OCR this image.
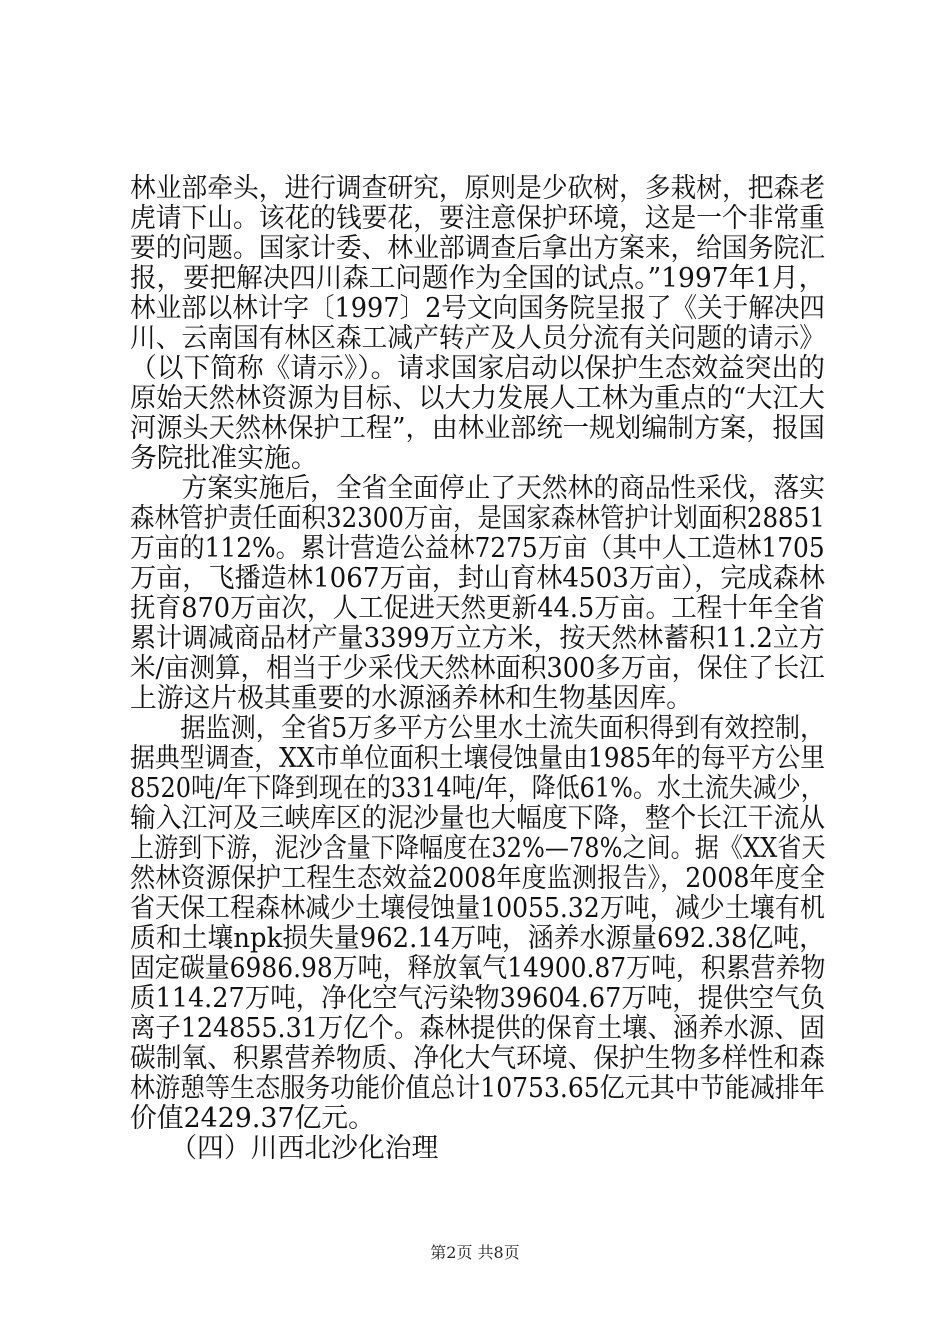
林业部牵头，进行调查研究，原则是少砍树，多栽树，把森老
虎请下山。该花的钱要花，要注意保护环境，这是一个非常重
要的问题。国家计委、林业部调查后拿出方案来，给国务院汇
报，要把解决四川森工问题作为全国的试点。”1997年1月，
林业部以林计字〔1997〕2号文向国务院呈报了《关于解决四
川、云南国有林区森工减产转产及人员分流有关问题的请示》
（以下简称《请示》）。请求国家启动以保护生态效益突出的
原始天然林资源为目标、以大力发展人工林为重点的“大江大
河源头天然林保护工程”，由林业部统一规划编制方案，报国
务院批准实施。
　　方案实施后，全省全面停止了天然林的商品性采伐，落实
森林管护责任面积32300万亩，是国家森林管护计划面积28851
万亩的112%。累计营造公益林7275万亩（其中人工造林1705
万亩，飞播造林1067万亩，封山育林4503万亩），完成森林
抚育870万亩次，人工促进天然更新44.5万亩。工程十年全省
累计调减商品材产量3399万立方米，按天然林蓄积11.2立方
米/亩测算，相当于少采伐天然林面积300多万亩，保住了长江
上游这片极其重要的水源涵养林和生物基因库。
　　据监测，全省5万多平方公里水土流失面积得到有效控制，
据典型调查，XX市单位面积土壤侵蚀量由1985年的每平方公里
8520吨/年下降到现在的3314吨/年，降低61%。水土流失减少，
输入江河及三峡库区的泥沙量也大幅度下降，整个长江干流从
上游到下游，泥沙含量下降幅度在32%—78%之间。据《XX省天
然林资源保护工程生态效益2008年度监测报告》，2008年度全
省天保工程森林减少土壤侵蚀量10055.32万吨，减少土壤有机
质和土壤npk损失量962.14万吨，涵养水源量692.38亿吨，
固定碳量6986.98万吨，释放氧气14900.87万吨，积累营养物
质114.27万吨，净化空气污染物39604.67万吨，提供空气负
离子124855.31万亿个。森林提供的保育土壤、涵养水源、固
碳制氧、积累营养物质、净化大气环境、保护生物多样性和森
林游憩等生态服务功能价值总计10753.65亿元其中节能减排年
价值2429.37亿元。
　　（四）川西北沙化治理
第2页 共8页
